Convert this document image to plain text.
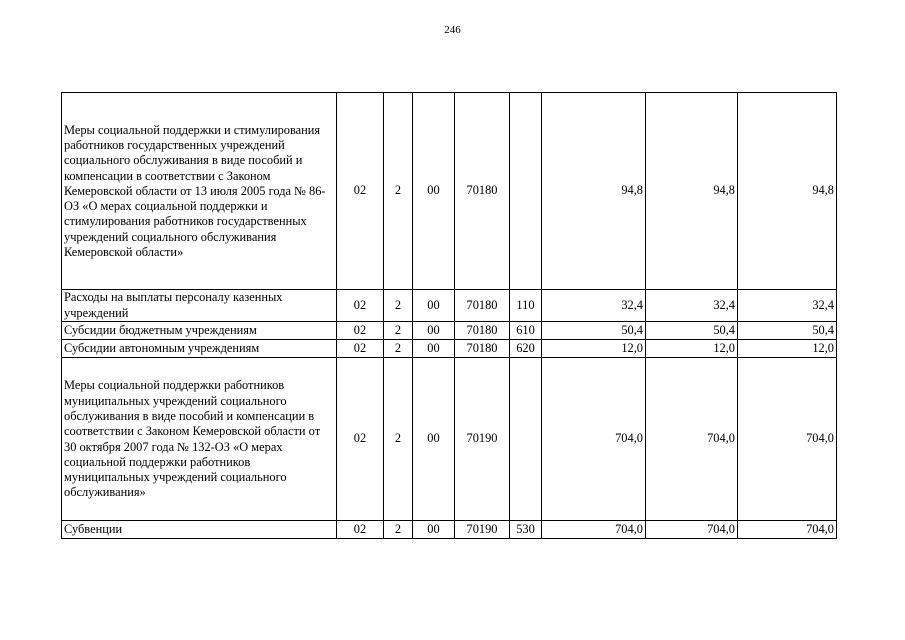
246
Меры социальной поддержки и стимулирования работников государственных учреждений социального обслуживания в виде пособий и компенсации в соответствии с Законом Кемеровской области от 13 июля 2005 года № 86-ОЗ «О мерах социальной поддержки и стимулирования работников государственных учреждений социального обслуживания Кемеровской области»	02	2	00	70180		94,8	94,8	94,8
Расходы на выплаты персоналу казенных учреждений	02	2	00	70180	110	32,4	32,4	32,4
Субсидии бюджетным учреждениям	02	2	00	70180	610	50,4	50,4	50,4
Субсидии автономным учреждениям	02	2	00	70180	620	12,0	12,0	12,0
Меры социальной поддержки работников муниципальных учреждений социального обслуживания в виде пособий и компенсации в соответствии с Законом Кемеровской области от 30 октября 2007 года № 132-ОЗ «О мерах социальной поддержки работников муниципальных учреждений социального обслуживания»	02	2	00	70190		704,0	704,0	704,0
Субвенции	02	2	00	70190	530	704,0	704,0	704,0
